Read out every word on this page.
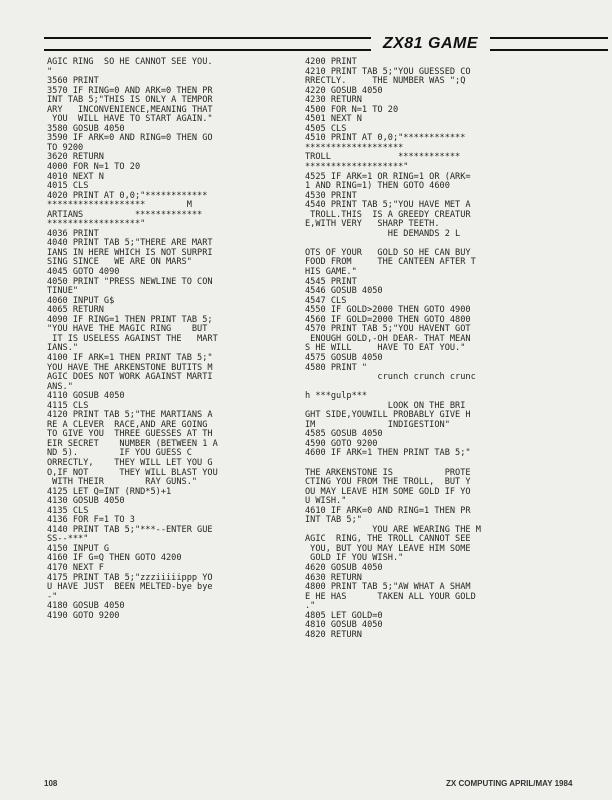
ZX81 GAME
AGIC RING  SO HE CANNOT SEE YOU.
"
3560 PRINT
3570 IF RING=0 AND ARK=0 THEN PR
INT TAB 5;"THIS IS ONLY A TEMPOR
ARY   INCONVENIENCE,MEANING THAT
YOU  WILL HAVE TO START AGAIN."
3580 GOSUB 4050
3590 IF ARK=0 AND RING=0 THEN GO
TO 9200
3620 RETURN
4000 FOR N=1 TO 20
4010 NEXT N
4015 CLS
4020 PRINT AT 0,0;"************
*******************        M
ARTIANS          *************
******************"
4036 PRINT
4040 PRINT TAB 5;"THERE ARE MART
IANS IN HERE WHICH IS NOT SURPRI
SING SINCE   WE ARE ON MARS"
4045 GOTO 4090
4050 PRINT "PRESS NEWLINE TO CON
TINUE"
4060 INPUT G$
4065 RETURN
4090 IF RING=1 THEN PRINT TAB 5;
"YOU HAVE THE MAGIC RING    BUT
IT IS USELESS AGAINST THE   MART
IANS."
4100 IF ARK=1 THEN PRINT TAB 5;"
YOU HAVE THE ARKENSTONE BUTITS M
AGIC DOES NOT WORK AGAINST MARTI
ANS."
4110 GOSUB 4050
4115 CLS
4120 PRINT TAB 5;"THE MARTIANS A
RE A CLEVER  RACE,AND ARE GOING
TO GIVE YOU  THREE GUESSES AT TH
EIR SECRET    NUMBER (BETWEEN 1 A
ND 5).        IF YOU GUESS C
ORRECTLY,    THEY WILL LET YOU G
O,IF NOT      THEY WILL BLAST YOU
WITH THEIR        RAY GUNS."
4125 LET Q=INT (RND*5)+1
4130 GOSUB 4050
4135 CLS
4136 FOR F=1 TO 3
4140 PRINT TAB 5;"***--ENTER GUE
SS--***"
4150 INPUT G
4160 IF G=Q THEN GOTO 4200
4170 NEXT F
4175 PRINT TAB 5;"zzziiiiippp YO
U HAVE JUST  BEEN MELTED-bye bye
-"
4180 GOSUB 4050
4190 GOTO 9200
4200 PRINT
4210 PRINT TAB 5;"YOU GUESSED CO
RRECTLY.     THE NUMBER WAS ";Q
4220 GOSUB 4050
4230 RETURN
4500 FOR N=1 TO 20
4501 NEXT N
4505 CLS
4510 PRINT AT 0,0;"************
*******************
TROLL             ************
*******************"
4525 IF ARK=1 OR RING=1 OR (ARK=
1 AND RING=1) THEN GOTO 4600
4530 PRINT
4540 PRINT TAB 5;"YOU HAVE MET A
TROLL.THIS  IS A GREEDY CREATUR
E,WITH VERY   SHARP TEETH.
HE DEMANDS 2 L
OTS OF YOUR   GOLD SO HE CAN BUY
FOOD FROM     THE CANTEEN AFTER T
HIS GAME."
4545 PRINT
4546 GOSUB 4050
4547 CLS
4550 IF GOLD>2000 THEN GOTO 4900
4560 IF GOLD=2000 THEN GOTO 4800
4570 PRINT TAB 5;"YOU HAVENT GOT
ENOUGH GOLD,-OH DEAR- THAT MEAN
S HE WILL     HAVE TO EAT YOU."
4575 GOSUB 4050
4580 PRINT "
crunch crunch crunc
h ***gulp***
LOOK ON THE BRI
GHT SIDE,YOUWILL PROBABLY GIVE H
IM              INDIGESTION"
4585 GOSUB 4050
4590 GOTO 9200
4600 IF ARK=1 THEN PRINT TAB 5;"
THE ARKENSTONE IS          PROTE
CTING YOU FROM THE TROLL,  BUT Y
OU MAY LEAVE HIM SOME GOLD IF YO
U WISH."
4610 IF ARK=0 AND RING=1 THEN PR
INT TAB 5;"
YOU ARE WEARING THE M
AGIC  RING, THE TROLL CANNOT SEE
YOU, BUT YOU MAY LEAVE HIM SOME
GOLD IF YOU WISH."
4620 GOSUB 4050
4630 RETURN
4800 PRINT TAB 5;"AW WHAT A SHAM
E HE HAS      TAKEN ALL YOUR GOLD
."
4805 LET GOLD=0
4810 GOSUB 4050
4820 RETURN
108	ZX COMPUTING APRIL/MAY 1984
